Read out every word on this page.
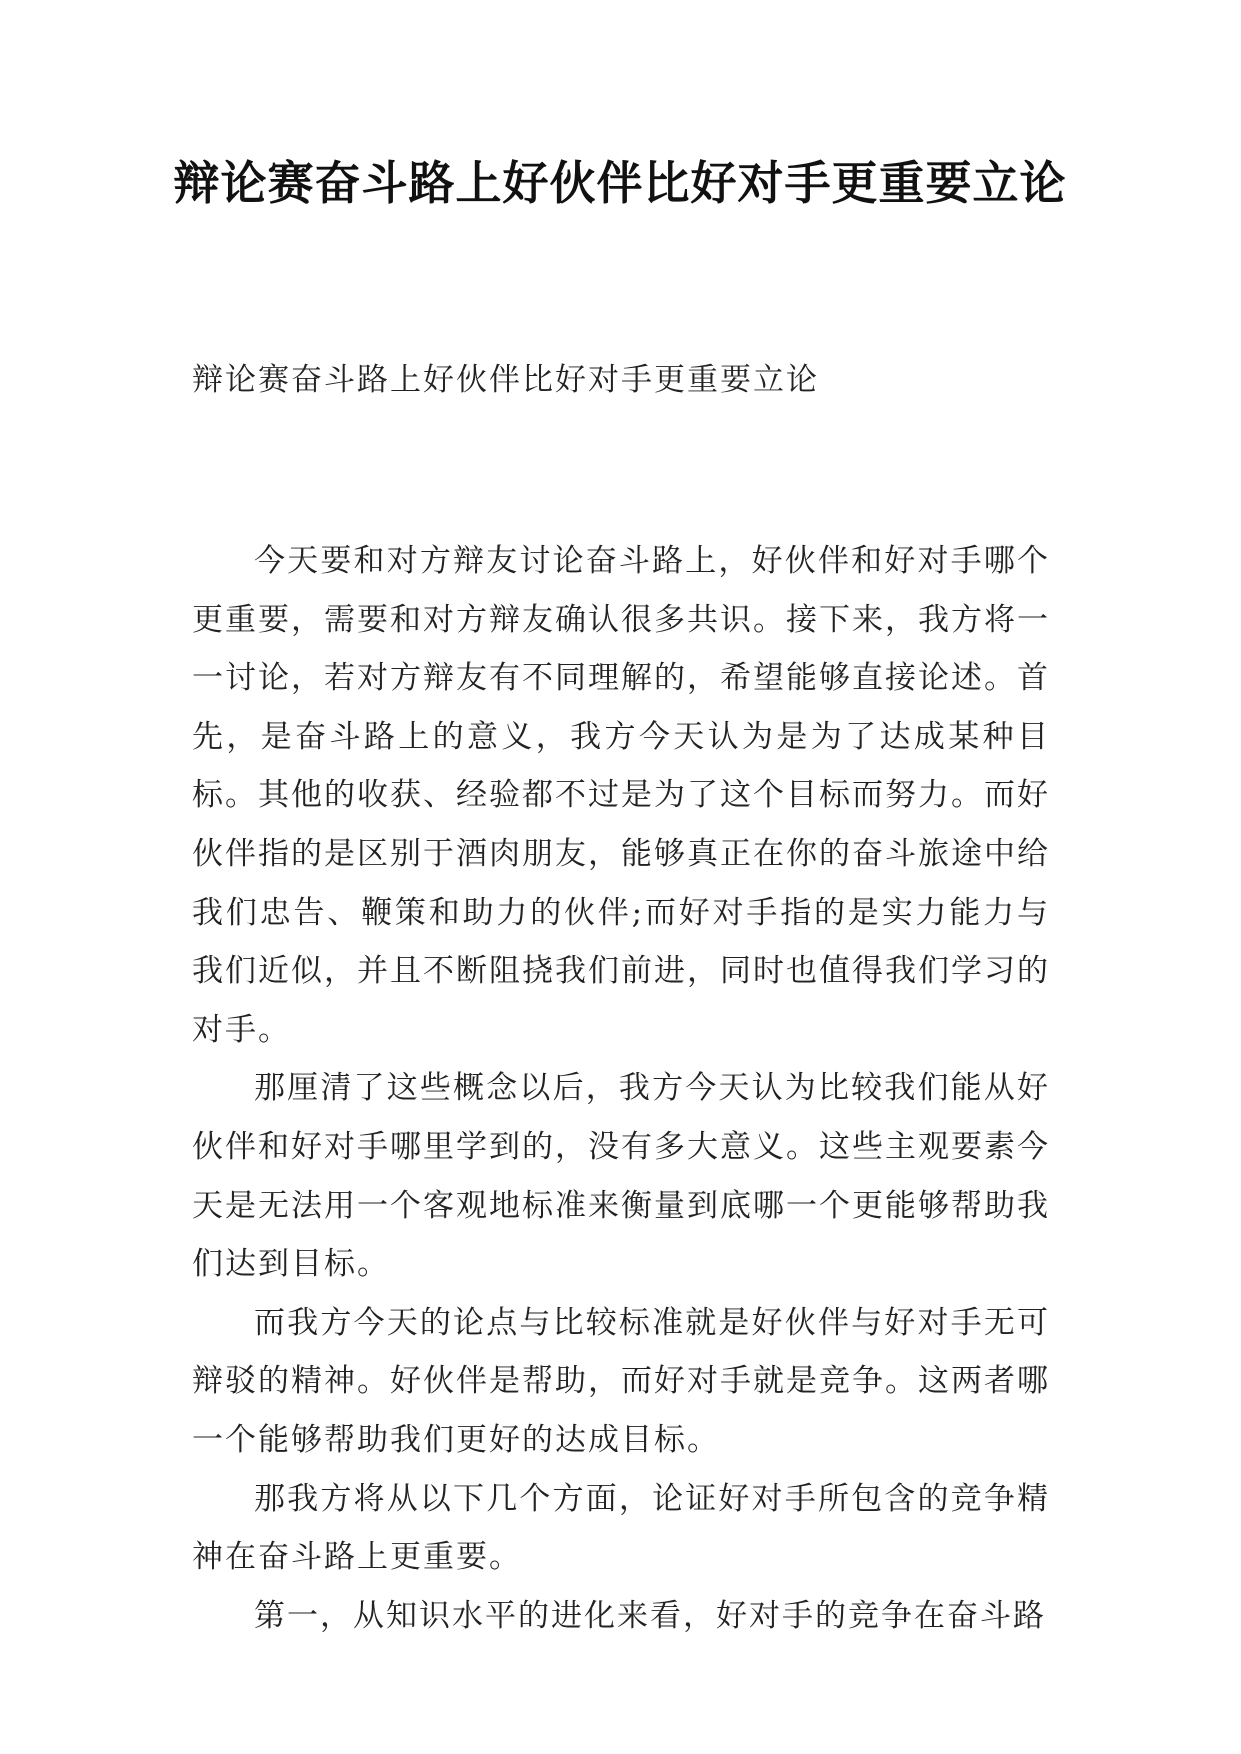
辩论赛奋斗路上好伙伴比好对手更重要立论

辩论赛奋斗路上好伙伴比好对手更重要立论

今天要和对方辩友讨论奋斗路上，好伙伴和好对手哪个更重要，需要和对方辩友确认很多共识。接下来，我方将一一讨论，若对方辩友有不同理解的，希望能够直接论述。首先，是奋斗路上的意义，我方今天认为是为了达成某种目标。其他的收获、经验都不过是为了这个目标而努力。而好伙伴指的是区别于酒肉朋友，能够真正在你的奋斗旅途中给我们忠告、鞭策和助力的伙伴;而好对手指的是实力能力与我们近似，并且不断阻挠我们前进，同时也值得我们学习的对手。

那厘清了这些概念以后，我方今天认为比较我们能从好伙伴和好对手哪里学到的，没有多大意义。这些主观要素今天是无法用一个客观地标准来衡量到底哪一个更能够帮助我们达到目标。

而我方今天的论点与比较标准就是好伙伴与好对手无可辩驳的精神。好伙伴是帮助，而好对手就是竞争。这两者哪一个能够帮助我们更好的达成目标。

那我方将从以下几个方面，论证好对手所包含的竞争精神在奋斗路上更重要。

第一，从知识水平的进化来看，好对手的竞争在奋斗路
